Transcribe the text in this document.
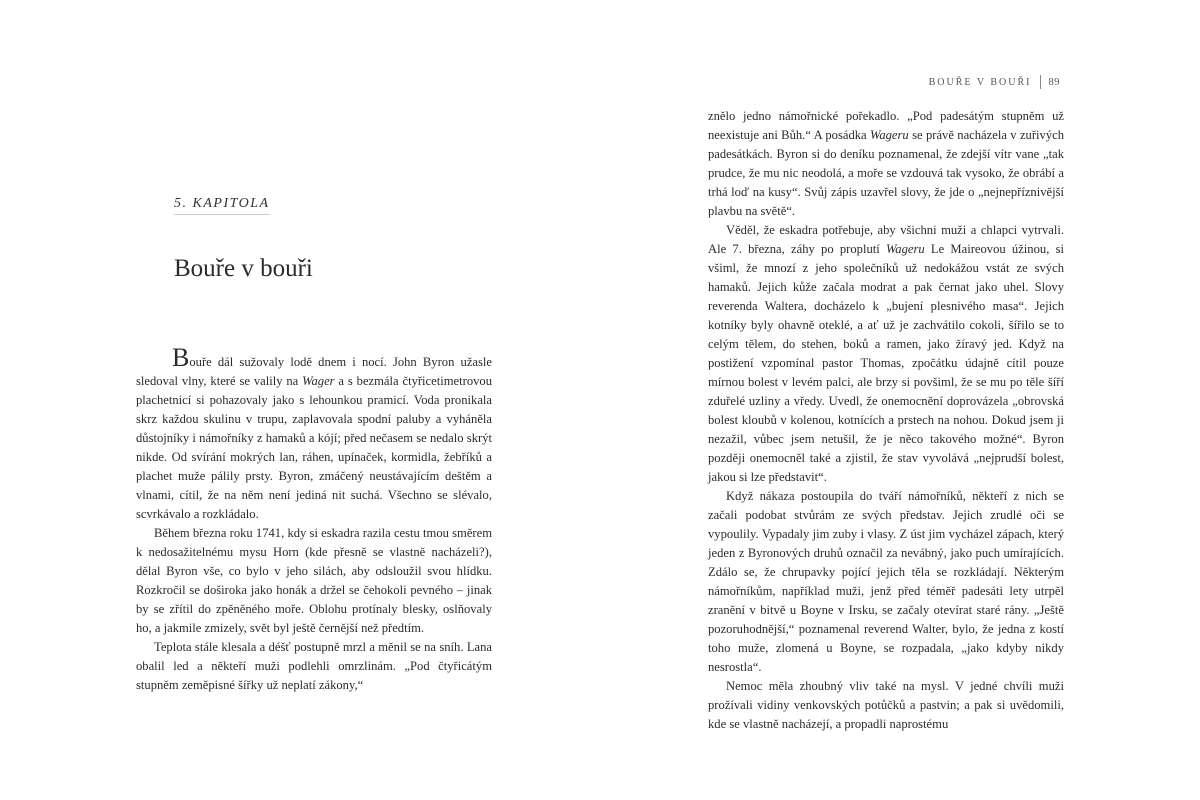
5. KAPITOLA
Bouře v bouři

Bouře dál sužovaly lodě dnem i nocí. John Byron užasle sledoval vlny, které se valily na Wager a s bezmála čtyřicetimetrovou plachetnicí si pohazovaly jako s lehounkou pramicí. Voda pronikala skrz každou skulinu v trupu, zaplavovala spodní paluby a vyháněla důstojníky i námořníky z hamaků a kójí; před nečasem se nedalo skrýt nikde. Od svírání mokrých lan, ráhen, upínaček, kormidla, žebříků a plachet muže pálily prsty. Byron, zmáčený neustávajícím deštěm a vlnami, cítil, že na něm není jediná nit suchá. Všechno se slévalo, scvrkávalo a rozkládalo.

Během března roku 1741, kdy si eskadra razila cestu tmou směrem k nedosažitelnému mysu Horn (kde přesně se vlastně nacházeli?), dělal Byron vše, co bylo v jeho silách, aby odsloužil svou hlídku. Rozkročil se doširoka jako honák a držel se čehokoli pevného – jinak by se zřítil do zpěněného moře. Oblohu protínaly blesky, oslňovaly ho, a jakmile zmizely, svět byl ještě černější než předtím.

Teplota stále klesala a déšť postupně mrzl a měnil se na sníh. Lana obalil led a někteří muži podlehli omrzlinám. „Pod čtyřicátým stupněm zeměpisné šířky už neplatí zákony,“

BOUŘE V BOUŘI 89

znělo jedno námořnické pořekadlo. „Pod padesátým stupněm už neexistuje ani Bůh.“ A posádka Wageru se právě nacházela v zuřivých padesátkách. Byron si do deníku poznamenal, že zdejší vítr vane „tak prudce, že mu nic neodolá, a moře se vzdouvá tak vysoko, že obrábí a trhá loď na kusy“. Svůj zápis uzavřel slovy, že jde o „nejnepříznivější plavbu na světě“.

Věděl, že eskadra potřebuje, aby všichni muži a chlapci vytrvali. Ale 7. března, záhy po proplutí Wageru Le Maireovou úžinou, si všiml, že mnozí z jeho společníků už nedokážou vstát ze svých hamaků. Jejich kůže začala modrat a pak černat jako uhel. Slovy reverenda Waltera, docházelo k „bujení plesnivého masa“. Jejich kotníky byly ohavně oteklé, a ať už je zachvátilo cokoli, šířilo se to celým tělem, do stehen, boků a ramen, jako žíravý jed. Když na postižení vzpomínal pastor Thomas, zpočátku údajně cítil pouze mírnou bolest v levém palci, ale brzy si povšiml, že se mu po těle šíří zduřelé uzliny a vředy. Uvedl, že onemocnění doprovázela „obrovská bolest kloubů v kolenou, kotnících a prstech na nohou. Dokud jsem ji nezažil, vůbec jsem netušil, že je něco takového možné“. Byron později onemocněl také a zjistil, že stav vyvolává „nejprudší bolest, jakou si lze představit“.

Když nákaza postoupila do tváří námořníků, někteří z nich se začali podobat stvůrám ze svých představ. Jejich zrudlé oči se vypoulily. Vypadaly jim zuby i vlasy. Z úst jim vycházel zápach, který jeden z Byronových druhů označil za nevábný, jako puch umírajících. Zdálo se, že chrupavky pojící jejich těla se rozkládají. Některým námořníkům, například muži, jenž před téměř padesáti lety utrpěl zranění v bitvě u Boyne v Irsku, se začaly otevírat staré rány. „Ještě pozoruhodnější,“ poznamenal reverend Walter, bylo, že jedna z kostí toho muže, zlomená u Boyne, se rozpadala, „jako kdyby nikdy nesrostla“.

Nemoc měla zhoubný vliv také na mysl. V jedné chvíli muži prožívali vidiny venkovských potůčků a pastvin; a pak si uvědomili, kde se vlastně nacházejí, a propadli naprostému
